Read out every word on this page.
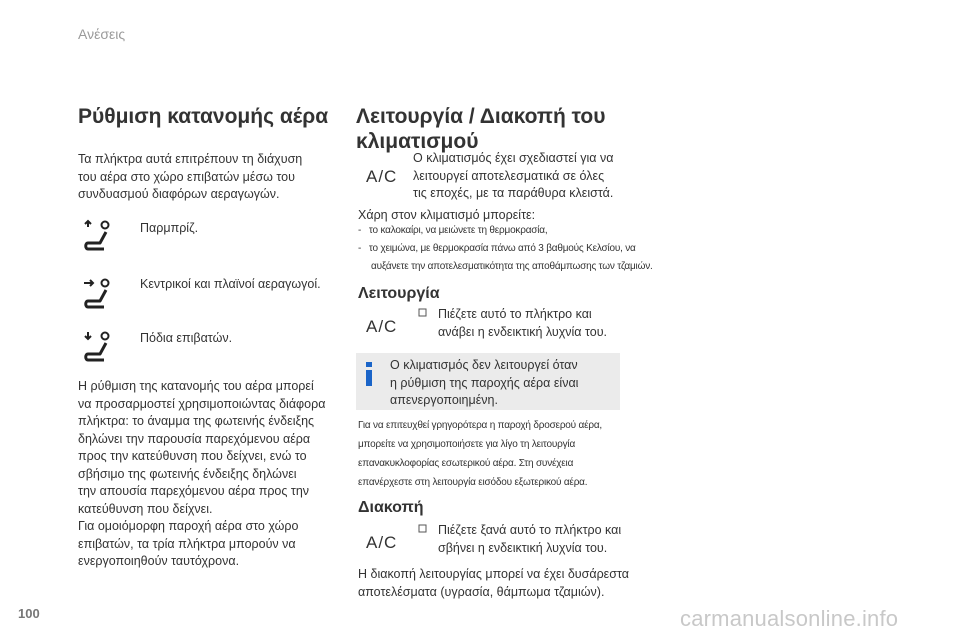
Ανέσεις
Ρύθμιση κατανομής αέρα
Τα πλήκτρα αυτά επιτρέπουν τη διάχυση
του αέρα στο χώρο επιβατών μέσω του
συνδυασμού διαφόρων αεραγωγών.
Παρμπρίζ.
Κεντρικοί και πλαϊνοί αεραγωγοί.
Πόδια επιβατών.
Η ρύθμιση της κατανομής του αέρα μπορεί
να προσαρμοστεί χρησιμοποιώντας διάφορα
πλήκτρα: το άναμμα της φωτεινής ένδειξης
δηλώνει την παρουσία παρεχόμενου αέρα
προς την κατεύθυνση που δείχνει, ενώ το
σβήσιμο της φωτεινής ένδειξης δηλώνει
την απουσία παρεχόμενου αέρα προς την
κατεύθυνση που δείχνει.
Για ομοιόμορφη παροχή αέρα στο χώρο
επιβατών, τα τρία πλήκτρα μπορούν να
ενεργοποιηθούν ταυτόχρονα.
Λειτουργία / Διακοπή του
κλιματισμού
A/C
Ο κλιματισμός έχει σχεδιαστεί για να
λειτουργεί αποτελεσματικά σε όλες
τις εποχές, με τα παράθυρα κλειστά.
Χάρη στον κλιματισμό μπορείτε:
- το καλοκαίρι, να μειώνετε τη θερμοκρασία,
- το χειμώνα, με θερμοκρασία πάνω από 3 βαθμούς Κελσίου, να
αυξάνετε την αποτελεσματικότητα της αποθάμπωσης των τζαμιών.
Λειτουργία
A/C
Πιέζετε αυτό το πλήκτρο και
ανάβει η ενδεικτική λυχνία του.
Ο κλιματισμός δεν λειτουργεί όταν
η ρύθμιση της παροχής αέρα είναι
απενεργοποιημένη.
Για να επιτευχθεί γρηγορότερα η παροχή δροσερού αέρα,
μπορείτε να χρησιμοποιήσετε για λίγο τη λειτουργία
επανακυκλοφορίας εσωτερικού αέρα. Στη συνέχεια
επανέρχεστε στη λειτουργία εισόδου εξωτερικού αέρα.
Διακοπή
A/C
Πιέζετε ξανά αυτό το πλήκτρο και
σβήνει η ενδεικτική λυχνία του.
Η διακοπή λειτουργίας μπορεί να έχει δυσάρεστα
αποτελέσματα (υγρασία, θάμπωμα τζαμιών).
100	carmanualsonline.info
